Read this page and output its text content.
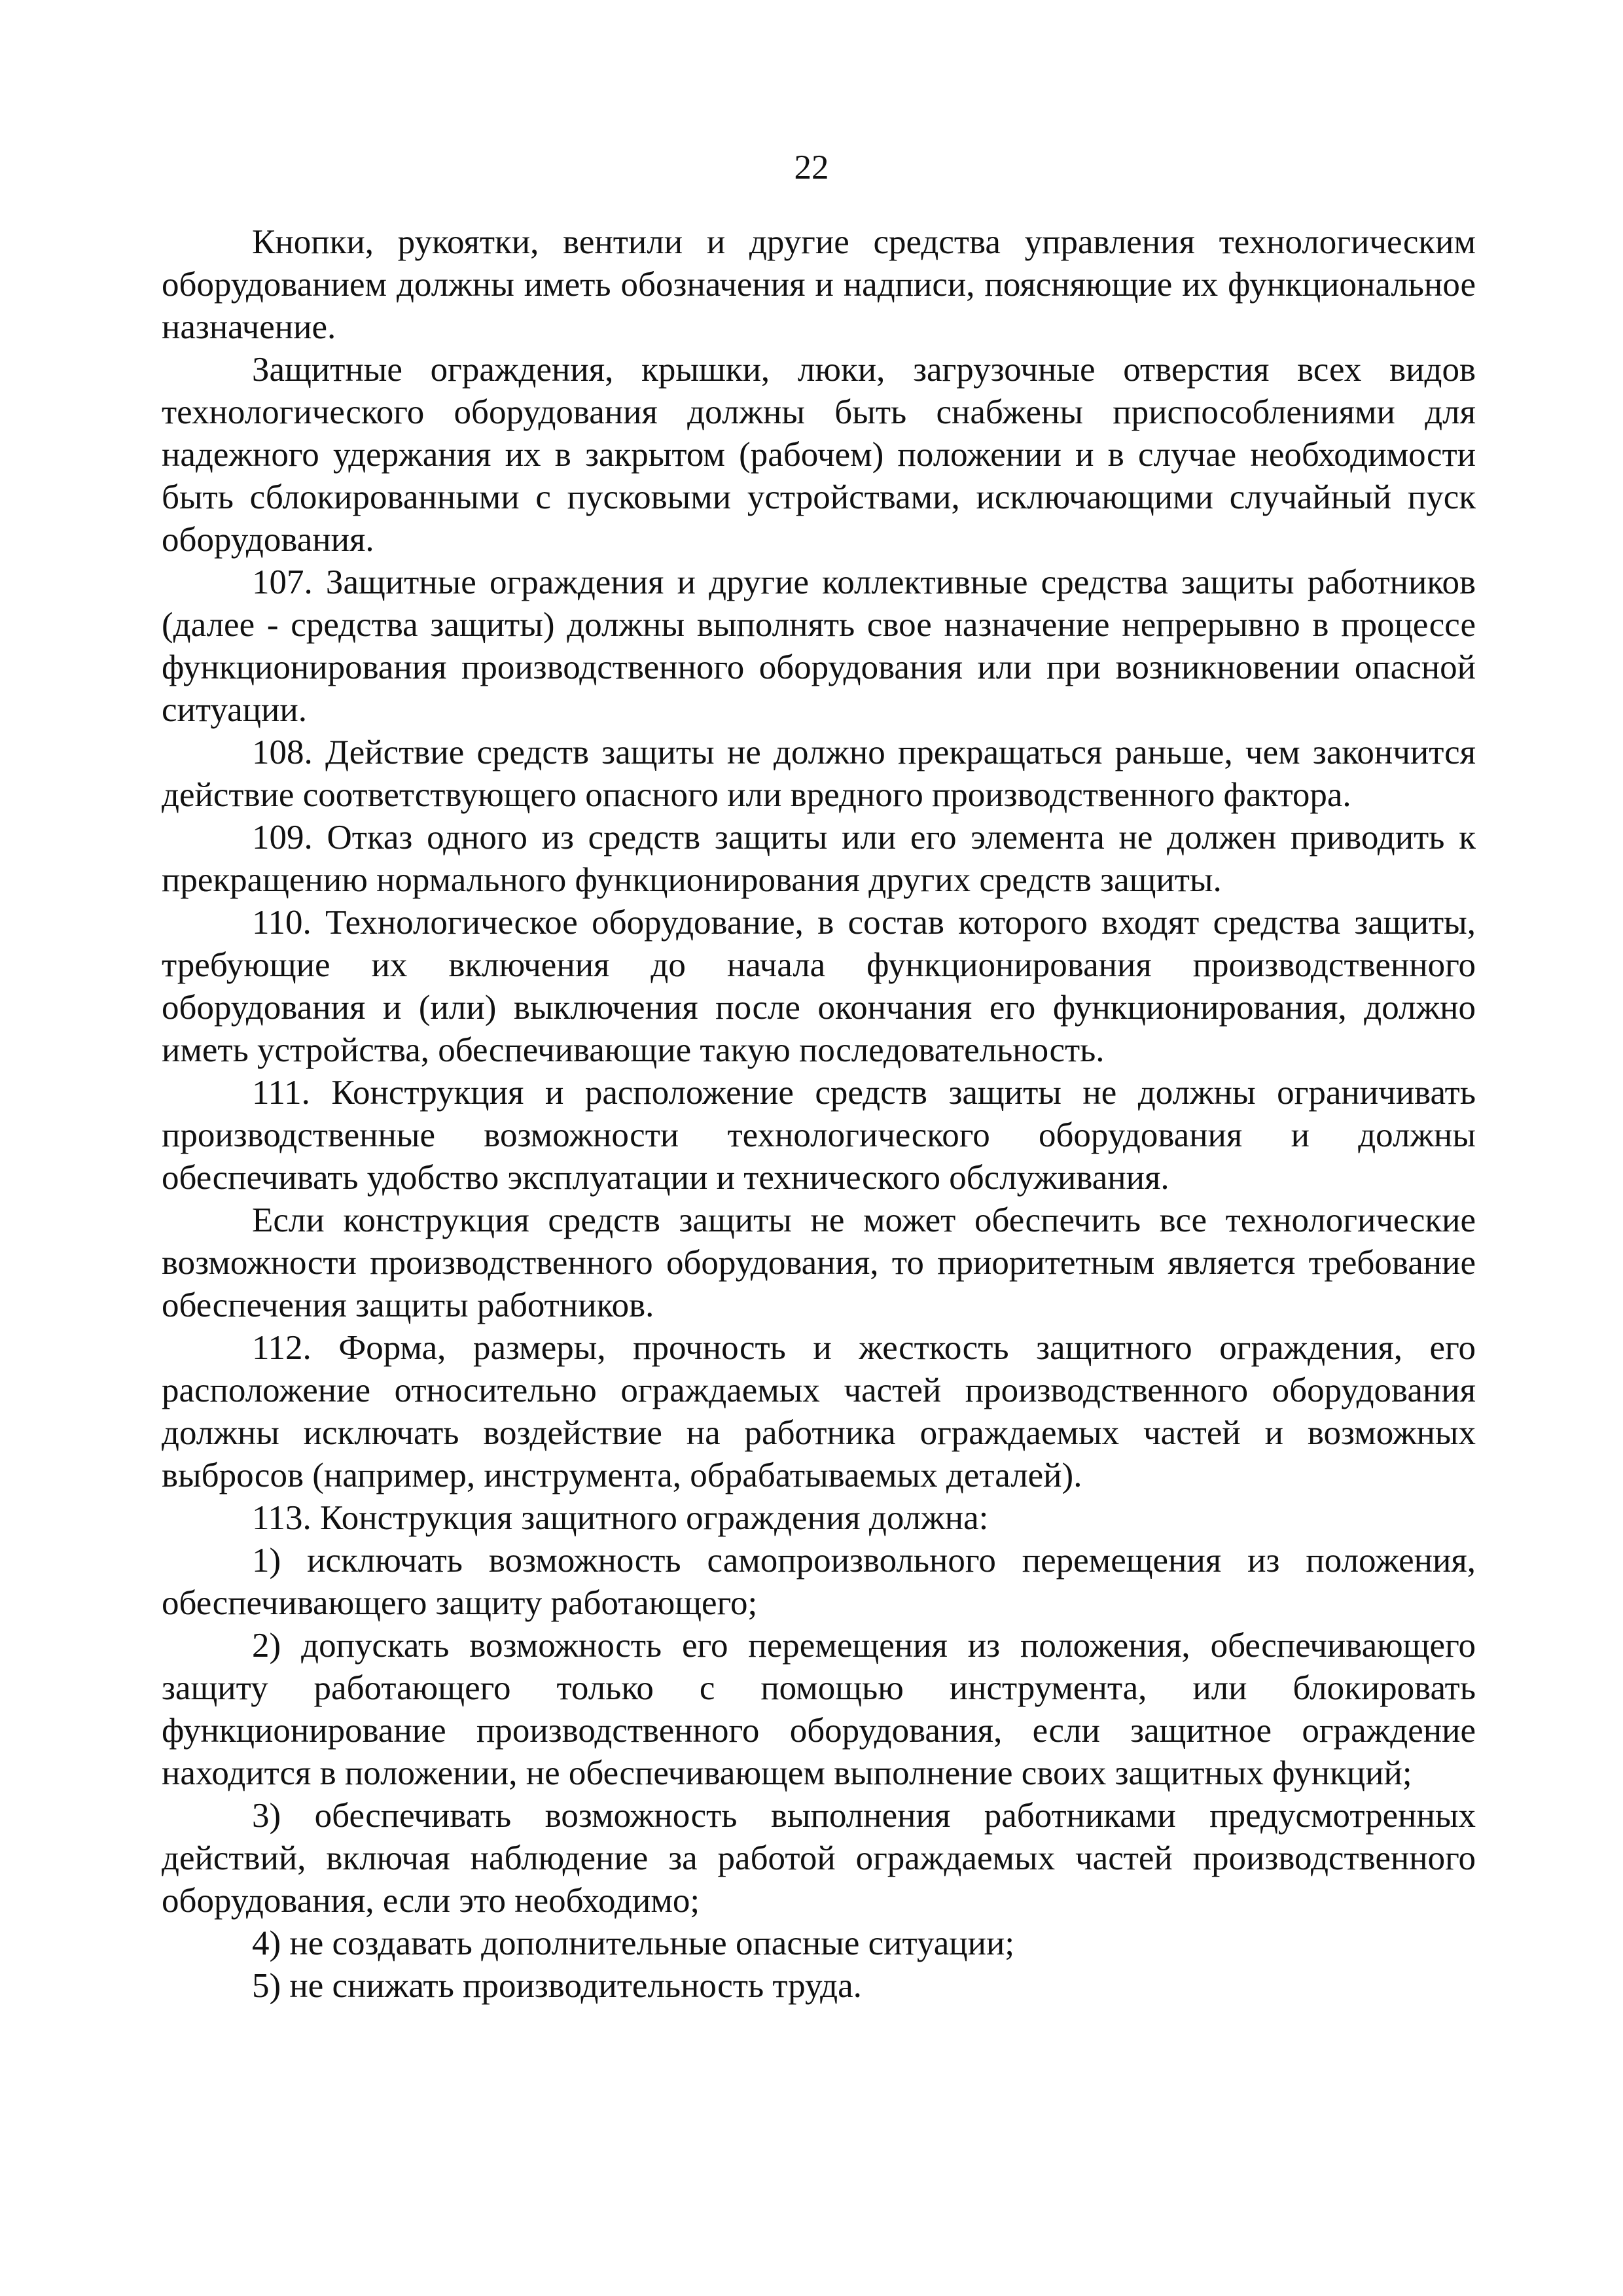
22

Кнопки, рукоятки, вентили и другие средства управления технологическим оборудованием должны иметь обозначения и надписи, поясняющие их функциональное назначение.

Защитные ограждения, крышки, люки, загрузочные отверстия всех видов технологического оборудования должны быть снабжены приспособлениями для надежного удержания их в закрытом (рабочем) положении и в случае необходимости быть сблокированными с пусковыми устройствами, исключающими случайный пуск оборудования.

107. Защитные ограждения и другие коллективные средства защиты работников (далее - средства защиты) должны выполнять свое назначение непрерывно в процессе функционирования производственного оборудования или при возникновении опасной ситуации.

108. Действие средств защиты не должно прекращаться раньше, чем закончится действие соответствующего опасного или вредного производственного фактора.

109. Отказ одного из средств защиты или его элемента не должен приводить к прекращению нормального функционирования других средств защиты.

110. Технологическое оборудование, в состав которого входят средства защиты, требующие их включения до начала функционирования производственного оборудования и (или) выключения после окончания его функционирования, должно иметь устройства, обеспечивающие такую последовательность.

111. Конструкция и расположение средств защиты не должны ограничивать производственные возможности технологического оборудования и должны обеспечивать удобство эксплуатации и технического обслуживания.

Если конструкция средств защиты не может обеспечить все технологические возможности производственного оборудования, то приоритетным является требование обеспечения защиты работников.

112. Форма, размеры, прочность и жесткость защитного ограждения, его расположение относительно ограждаемых частей производственного оборудования должны исключать воздействие на работника ограждаемых частей и возможных выбросов (например, инструмента, обрабатываемых деталей).

113. Конструкция защитного ограждения должна:

1) исключать возможность самопроизвольного перемещения из положения, обеспечивающего защиту работающего;

2) допускать возможность его перемещения из положения, обеспечивающего защиту работающего только с помощью инструмента, или блокировать функционирование производственного оборудования, если защитное ограждение находится в положении, не обеспечивающем выполнение своих защитных функций;

3) обеспечивать возможность выполнения работниками предусмотренных действий, включая наблюдение за работой ограждаемых частей производственного оборудования, если это необходимо;

4) не создавать дополнительные опасные ситуации;

5) не снижать производительность труда.
